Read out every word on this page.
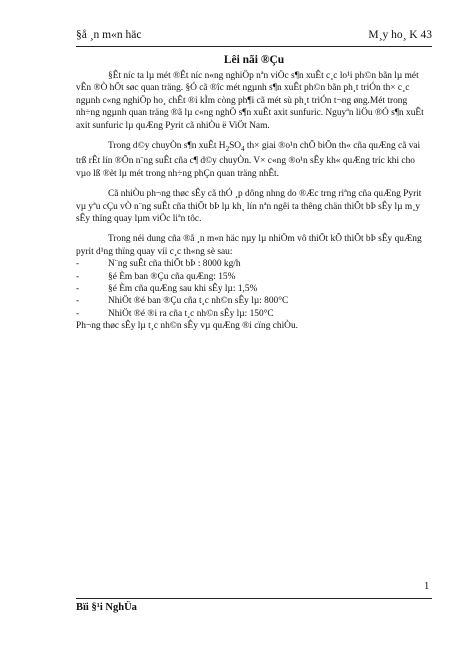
§å ¸n m«n häc	M¸y ho¸ K 43
Lêi nãi ®Çu

§Êt níc ta lµ mét ®Êt níc n«ng nghiÖp nªn viÖc s¶n xuÊt c¸c lo¹i ph©n bãn lµ mét vÊn ®Ò hÕt søc quan träng. §Ó cã ®îc mét ngµnh s¶n xuÊt ph©n bãn ph¸t triÓn th× c¸c ngµnh c«ng nghiÖp ho¸ chÊt ®i kÌm còng ph¶i cã mét sù ph¸t triÓn t¬ng øng.Mét trong nh÷ng ngµnh quan träng ®ã lµ c«ng nghÖ s¶n xuÊt axit sunfuric. Nguyªn liÖu ®Ó s¶n xuÊt axit sunfuric lµ quÆng Pyrit cã nhiÒu ë ViÖt Nam.

Trong d©y chuyÒn s¶n xuÊt $H_2SO_4$ th× giai ®o¹n chÕ biÕn th« cña quÆng cã vai trß rÊt lín ®Õn n¨ng suÊt cña c¶ d©y chuyÒn. V× c«ng ®o¹n sÊy kh« quÆng tríc khi cho vµo lß ®èt lµ mét trong nh÷ng phÇn quan träng nhÊt.

Cã nhiÒu ph¬ng thøc sÊy cã thÓ ¸p dông nhng do ®Æc trng riªng cña quÆng Pyrit vµ yªu cÇu vÒ n¨ng suÊt cña thiÕt bÞ lµ kh¸ lín nªn ngêi ta thêng chän thiÕt bÞ sÊy lµ m¸y sÊy thïng quay lµm viÖc liªn tôc.

Trong néi dung cña ®å ¸n m«n häc nµy lµ nhiÖm vô thiÕt kÕ thiÕt bÞ sÊy quÆng pyrit d¹ng thïng quay víi c¸c th«ng sè sau:

-	N¨ng suÊt cña thiÕt bÞ : 8000 kg/h
-	§é Èm ban ®Çu cña quÆng: 15%
-	§é Èm cña quÆng sau khi sÊy lµ: 1,5%
-	NhiÖt ®é ban ®Çu cña t¸c nh©n sÊy lµ: 800°C
-	NhiÖt ®é ®i ra cña t¸c nh©n sÊy lµ: 150°C

Ph¬ng thøc sÊy lµ t¸c nh©n sÊy vµ quÆng ®i cïng chiÒu.

1
Bïi §¹i NghÜa
